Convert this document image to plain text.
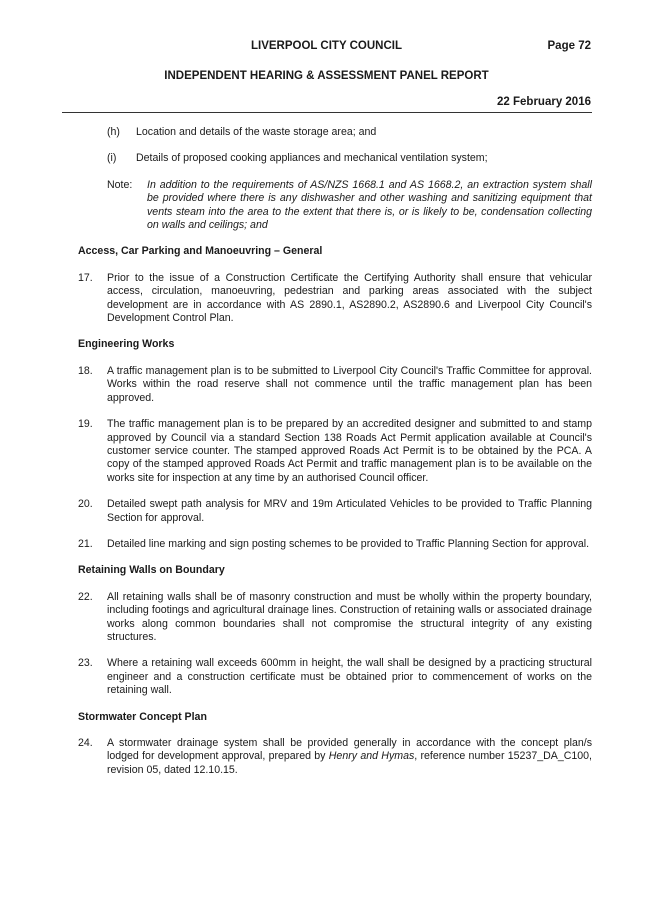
LIVERPOOL CITY COUNCIL	Page 72
INDEPENDENT HEARING & ASSESSMENT PANEL REPORT
22 February 2016
(h)	Location and details of the waste storage area; and
(i)	Details of proposed cooking appliances and mechanical ventilation system;
Note:	In addition to the requirements of AS/NZS 1668.1 and AS 1668.2, an extraction system shall be provided where there is any dishwasher and other washing and sanitizing equipment that vents steam into the area to the extent that there is, or is likely to be, condensation collecting on walls and ceilings; and
Access, Car Parking and Manoeuvring – General
17.	Prior to the issue of a Construction Certificate the Certifying Authority shall ensure that vehicular access, circulation, manoeuvring, pedestrian and parking areas associated with the subject development are in accordance with AS 2890.1, AS2890.2, AS2890.6 and Liverpool City Council's Development Control Plan.
Engineering Works
18.	A traffic management plan is to be submitted to Liverpool City Council's Traffic Committee for approval. Works within the road reserve shall not commence until the traffic management plan has been approved.
19.	The traffic management plan is to be prepared by an accredited designer and submitted to and stamp approved by Council via a standard Section 138 Roads Act Permit application available at Council's customer service counter. The stamped approved Roads Act Permit is to be obtained by the PCA. A copy of the stamped approved Roads Act Permit and traffic management plan is to be available on the works site for inspection at any time by an authorised Council officer.
20.	Detailed swept path analysis for MRV and 19m Articulated Vehicles to be provided to Traffic Planning Section for approval.
21.	Detailed line marking and sign posting schemes to be provided to Traffic Planning Section for approval.
Retaining Walls on Boundary
22.	All retaining walls shall be of masonry construction and must be wholly within the property boundary, including footings and agricultural drainage lines. Construction of retaining walls or associated drainage works along common boundaries shall not compromise the structural integrity of any existing structures.
23.	Where a retaining wall exceeds 600mm in height, the wall shall be designed by a practicing structural engineer and a construction certificate must be obtained prior to commencement of works on the retaining wall.
Stormwater Concept Plan
24.	A stormwater drainage system shall be provided generally in accordance with the concept plan/s lodged for development approval, prepared by Henry and Hymas, reference number 15237_DA_C100, revision 05, dated 12.10.15.
